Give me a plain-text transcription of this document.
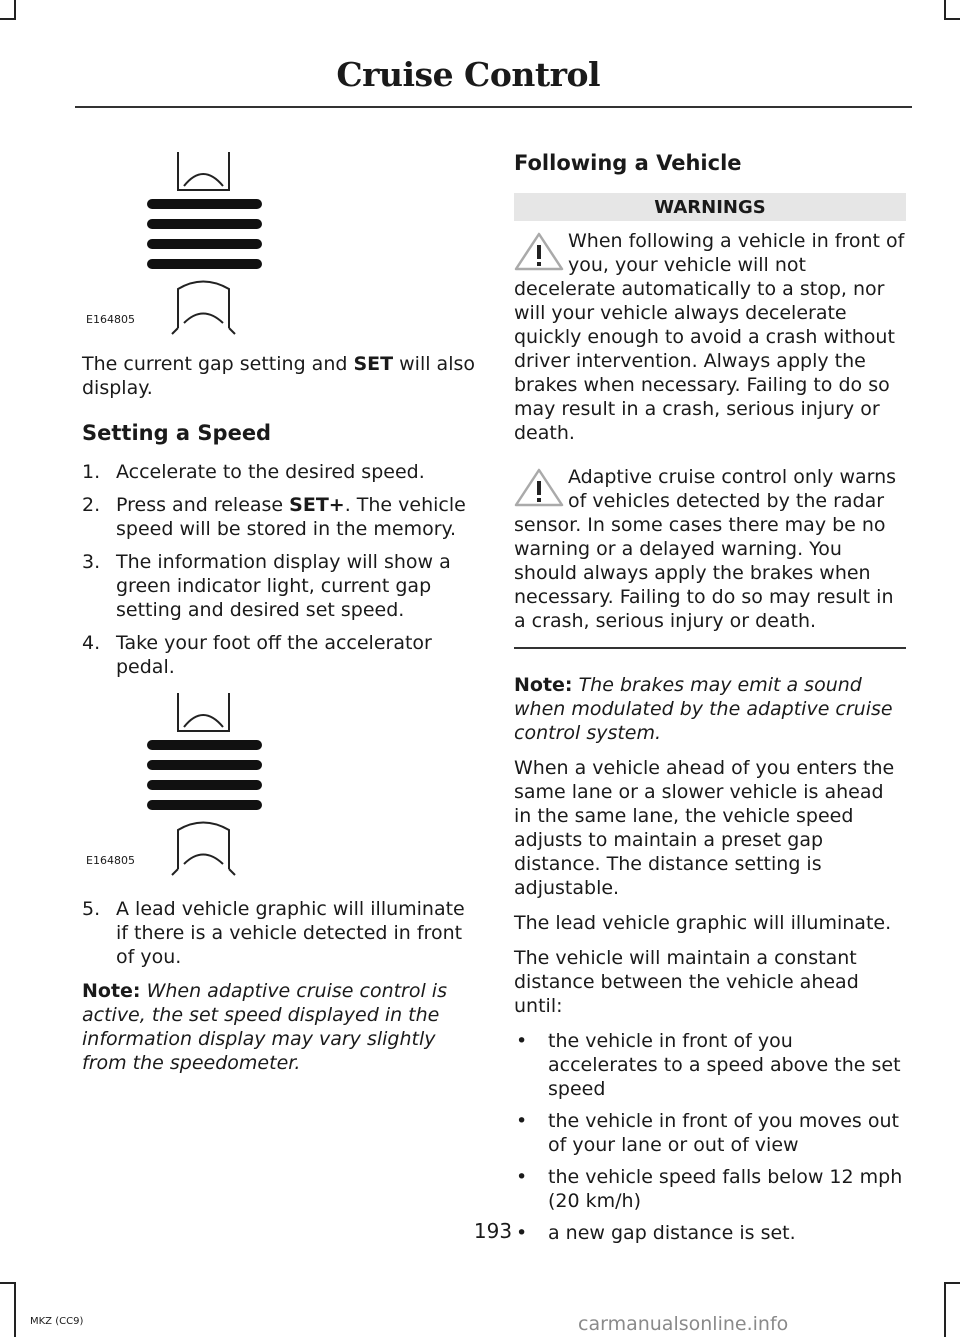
Cruise Control
E164805

The current gap setting and SET will also display.

Setting a Speed
1. Accelerate to the desired speed.
2. Press and release SET+. The vehicle speed will be stored in the memory.
3. The information display will show a green indicator light, current gap setting and desired set speed.
4. Take your foot off the accelerator pedal.
E164805
5. A lead vehicle graphic will illuminate if there is a vehicle detected in front of you.

Note: When adaptive cruise control is active, the set speed displayed in the information display may vary slightly from the speedometer.

Following a Vehicle
WARNINGS
When following a vehicle in front of you, your vehicle will not decelerate automatically to a stop, nor will your vehicle always decelerate quickly enough to avoid a crash without driver intervention. Always apply the brakes when necessary. Failing to do so may result in a crash, serious injury or death.
Adaptive cruise control only warns of vehicles detected by the radar sensor. In some cases there may be no warning or a delayed warning. You should always apply the brakes when necessary. Failing to do so may result in a crash, serious injury or death.

Note: The brakes may emit a sound when modulated by the adaptive cruise control system.

When a vehicle ahead of you enters the same lane or a slower vehicle is ahead in the same lane, the vehicle speed adjusts to maintain a preset gap distance. The distance setting is adjustable.

The lead vehicle graphic will illuminate.

The vehicle will maintain a constant distance between the vehicle ahead until:

• the vehicle in front of you accelerates to a speed above the set speed
• the vehicle in front of you moves out of your lane or out of view
• the vehicle speed falls below 12 mph (20 km/h)
• a new gap distance is set.
193
MKZ (CC9)	carmanualsonline.info
